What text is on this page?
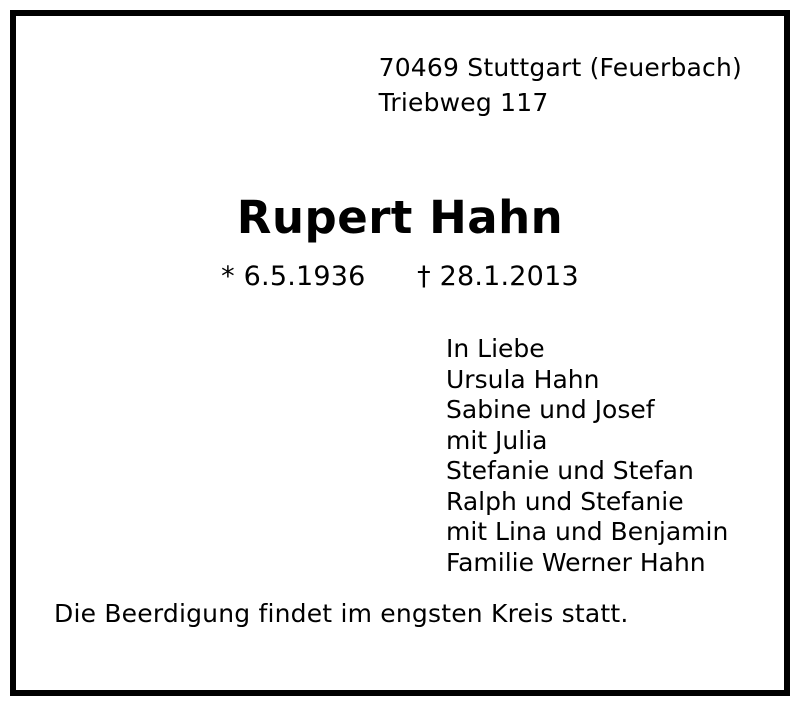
70469 Stuttgart (Feuerbach)
Triebweg 117
Rupert Hahn
* 6.5.1936 † 28.1.2013
In Liebe
Ursula Hahn
Sabine und Josef
mit Julia
Stefanie und Stefan
Ralph und Stefanie
mit Lina und Benjamin
Familie Werner Hahn
Die Beerdigung findet im engsten Kreis statt.
